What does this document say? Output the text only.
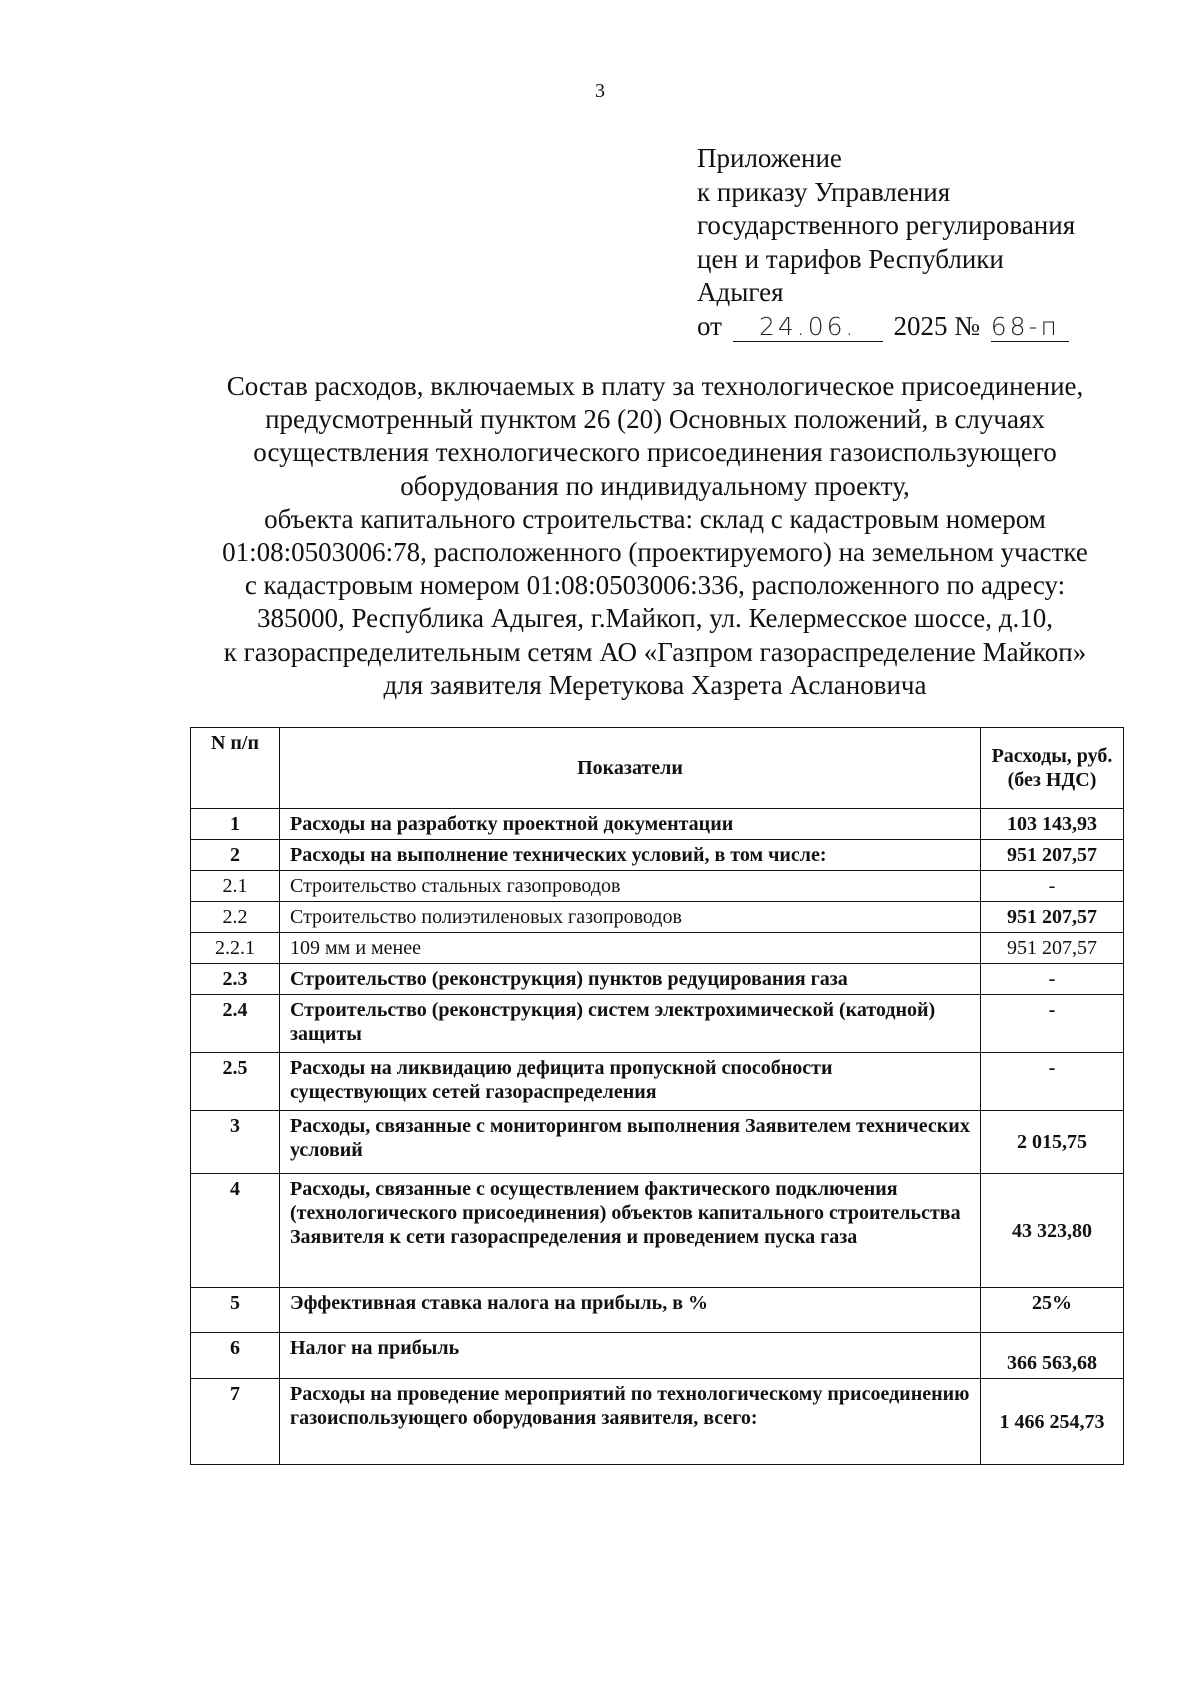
3
Приложение
к приказу Управления
государственного регулирования
цен и тарифов Республики
Адыгея
от 24.06. 2025 № 68-п
Состав расходов, включаемых в плату за технологическое присоединение,
предусмотренный пунктом 26 (20) Основных положений, в случаях
осуществления технологического присоединения газоиспользующего
оборудования по индивидуальному проекту,
объекта капитального строительства: склад с кадастровым номером
01:08:0503006:78, расположенного (проектируемого) на земельном участке
с кадастровым номером 01:08:0503006:336, расположенного по адресу:
385000, Республика Адыгея, г.Майкоп, ул. Келермесское шоссе, д.10,
к газораспределительным сетям АО «Газпром газораспределение Майкоп»
для заявителя Меретукова Хазрета Аслановича
N п/п	Показатели	Расходы, руб. (без НДС)
1	Расходы на разработку проектной документации	103 143,93
2	Расходы на выполнение технических условий, в том числе:	951 207,57
2.1	Строительство стальных газопроводов	-
2.2	Строительство полиэтиленовых газопроводов	951 207,57
2.2.1	109 мм и менее	951 207,57
2.3	Строительство (реконструкция) пунктов редуцирования газа	-
2.4	Строительство (реконструкция) систем электрохимической (катодной) защиты	-
2.5	Расходы на ликвидацию дефицита пропускной способности существующих сетей газораспределения	-
3	Расходы, связанные с мониторингом выполнения Заявителем технических условий	2 015,75
4	Расходы, связанные с осуществлением фактического подключения (технологического присоединения) объектов капитального строительства Заявителя к сети газораспределения и проведением пуска газа	43 323,80
5	Эффективная ставка налога на прибыль, в %	25%
6	Налог на прибыль	366 563,68
7	Расходы на проведение мероприятий по технологическому присоединению газоиспользующего оборудования заявителя, всего:	1 466 254,73
